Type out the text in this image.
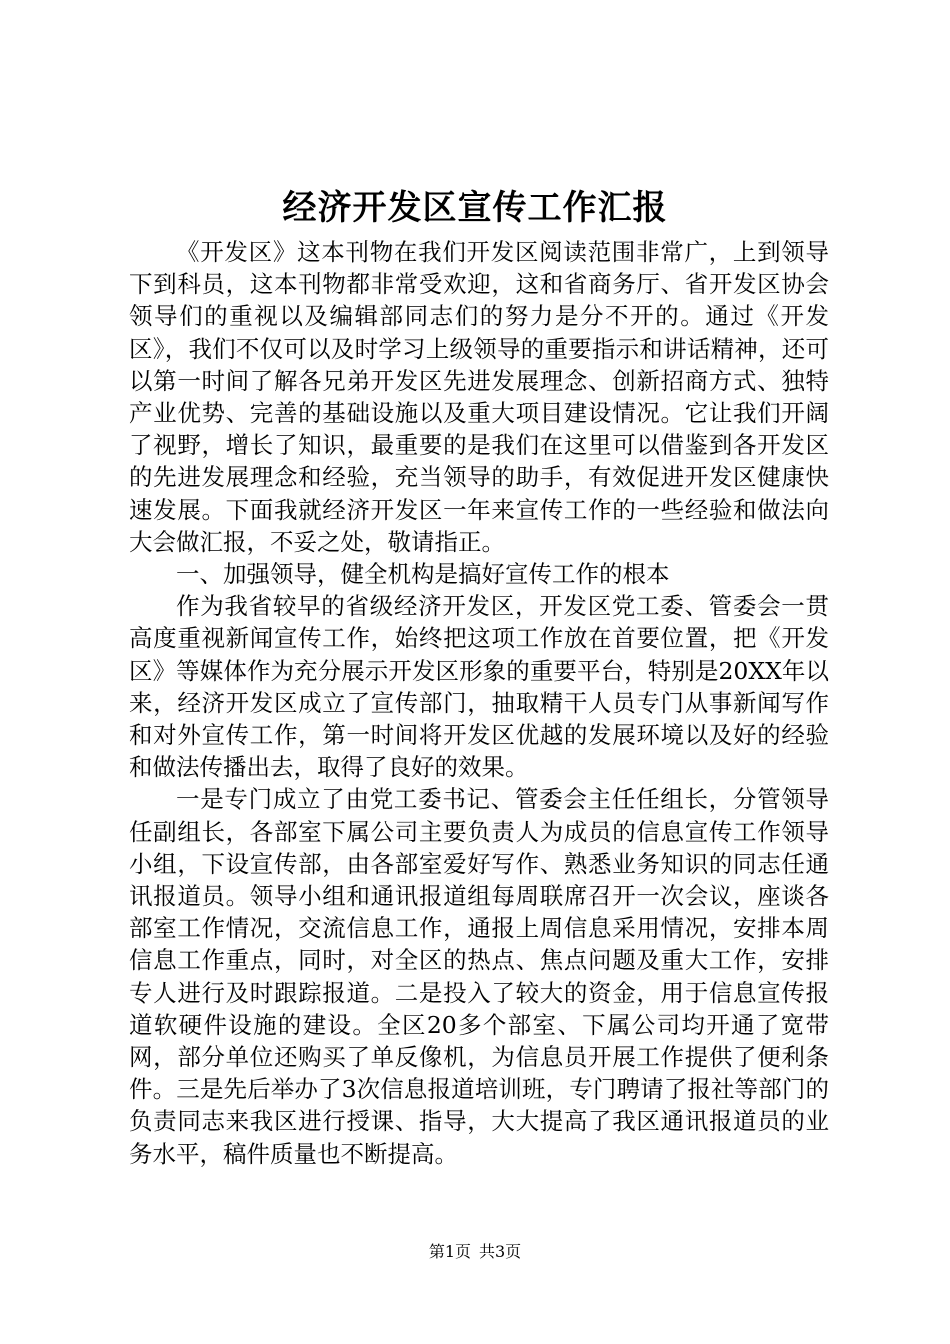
经济开发区宣传工作汇报

《开发区》这本刊物在我们开发区阅读范围非常广，上到领导下到科员，这本刊物都非常受欢迎，这和省商务厅、省开发区协会领导们的重视以及编辑部同志们的努力是分不开的。通过《开发区》，我们不仅可以及时学习上级领导的重要指示和讲话精神，还可以第一时间了解各兄弟开发区先进发展理念、创新招商方式、独特产业优势、完善的基础设施以及重大项目建设情况。它让我们开阔了视野，增长了知识，最重要的是我们在这里可以借鉴到各开发区的先进发展理念和经验，充当领导的助手，有效促进开发区健康快速发展。下面我就经济开发区一年来宣传工作的一些经验和做法向大会做汇报，不妥之处，敬请指正。

一、加强领导，健全机构是搞好宣传工作的根本

作为我省较早的省级经济开发区，开发区党工委、管委会一贯高度重视新闻宣传工作，始终把这项工作放在首要位置，把《开发区》等媒体作为充分展示开发区形象的重要平台，特别是20XX年以来，经济开发区成立了宣传部门，抽取精干人员专门从事新闻写作和对外宣传工作，第一时间将开发区优越的发展环境以及好的经验和做法传播出去，取得了良好的效果。

一是专门成立了由党工委书记、管委会主任任组长，分管领导任副组长，各部室下属公司主要负责人为成员的信息宣传工作领导小组，下设宣传部，由各部室爱好写作、熟悉业务知识的同志任通讯报道员。领导小组和通讯报道组每周联席召开一次会议，座谈各部室工作情况，交流信息工作，通报上周信息采用情况，安排本周信息工作重点，同时，对全区的热点、焦点问题及重大工作，安排专人进行及时跟踪报道。二是投入了较大的资金，用于信息宣传报道软硬件设施的建设。全区20多个部室、下属公司均开通了宽带网，部分单位还购买了单反像机，为信息员开展工作提供了便利条件。三是先后举办了3次信息报道培训班，专门聘请了报社等部门的负责同志来我区进行授课、指导，大大提高了我区通讯报道员的业务水平，稿件质量也不断提高。

第1页 共3页
